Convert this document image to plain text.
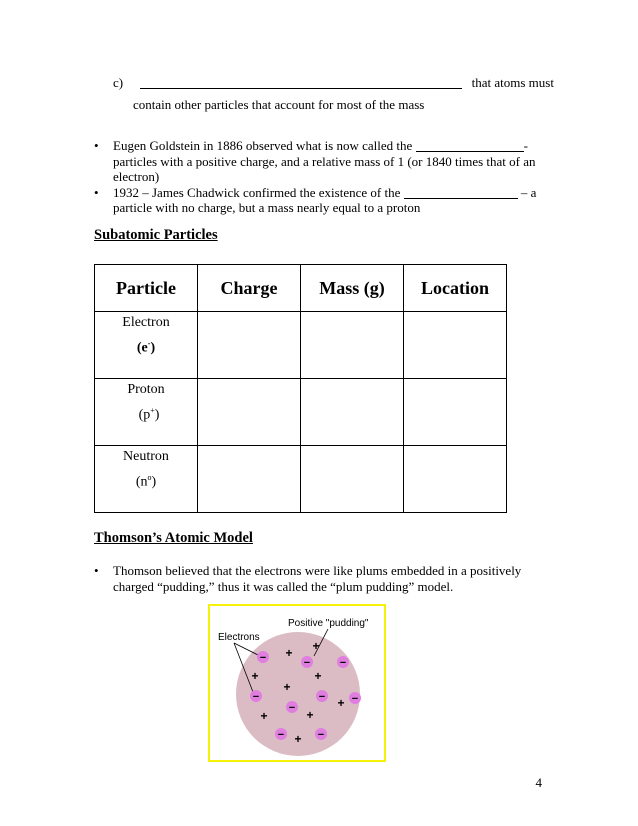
c)	that atoms must
contain other particles that account for most of the mass
• Eugen Goldstein in 1886 observed what is now called the	-particles with a positive charge, and a relative mass of 1 (or 1840 times that of an electron)
• 1932 – James Chadwick confirmed the existence of the	– a particle with no charge, but a mass nearly equal to a proton
Subatomic Particles
Particle	Charge	Mass (g)	Location

Electron
(e-)			

Proton
(p+)			

Neutron
$(n^o)$			

Thomson’s Atomic Model
• Thomson believed that the electrons were like plums embedded in a positively charged “pudding,” thus it was called the “plum pudding” model.
Positive "pudding"
Electrons
−	−	−
−	− −
−
−	−
+
+
+	+
+
+
+	+
+
4
